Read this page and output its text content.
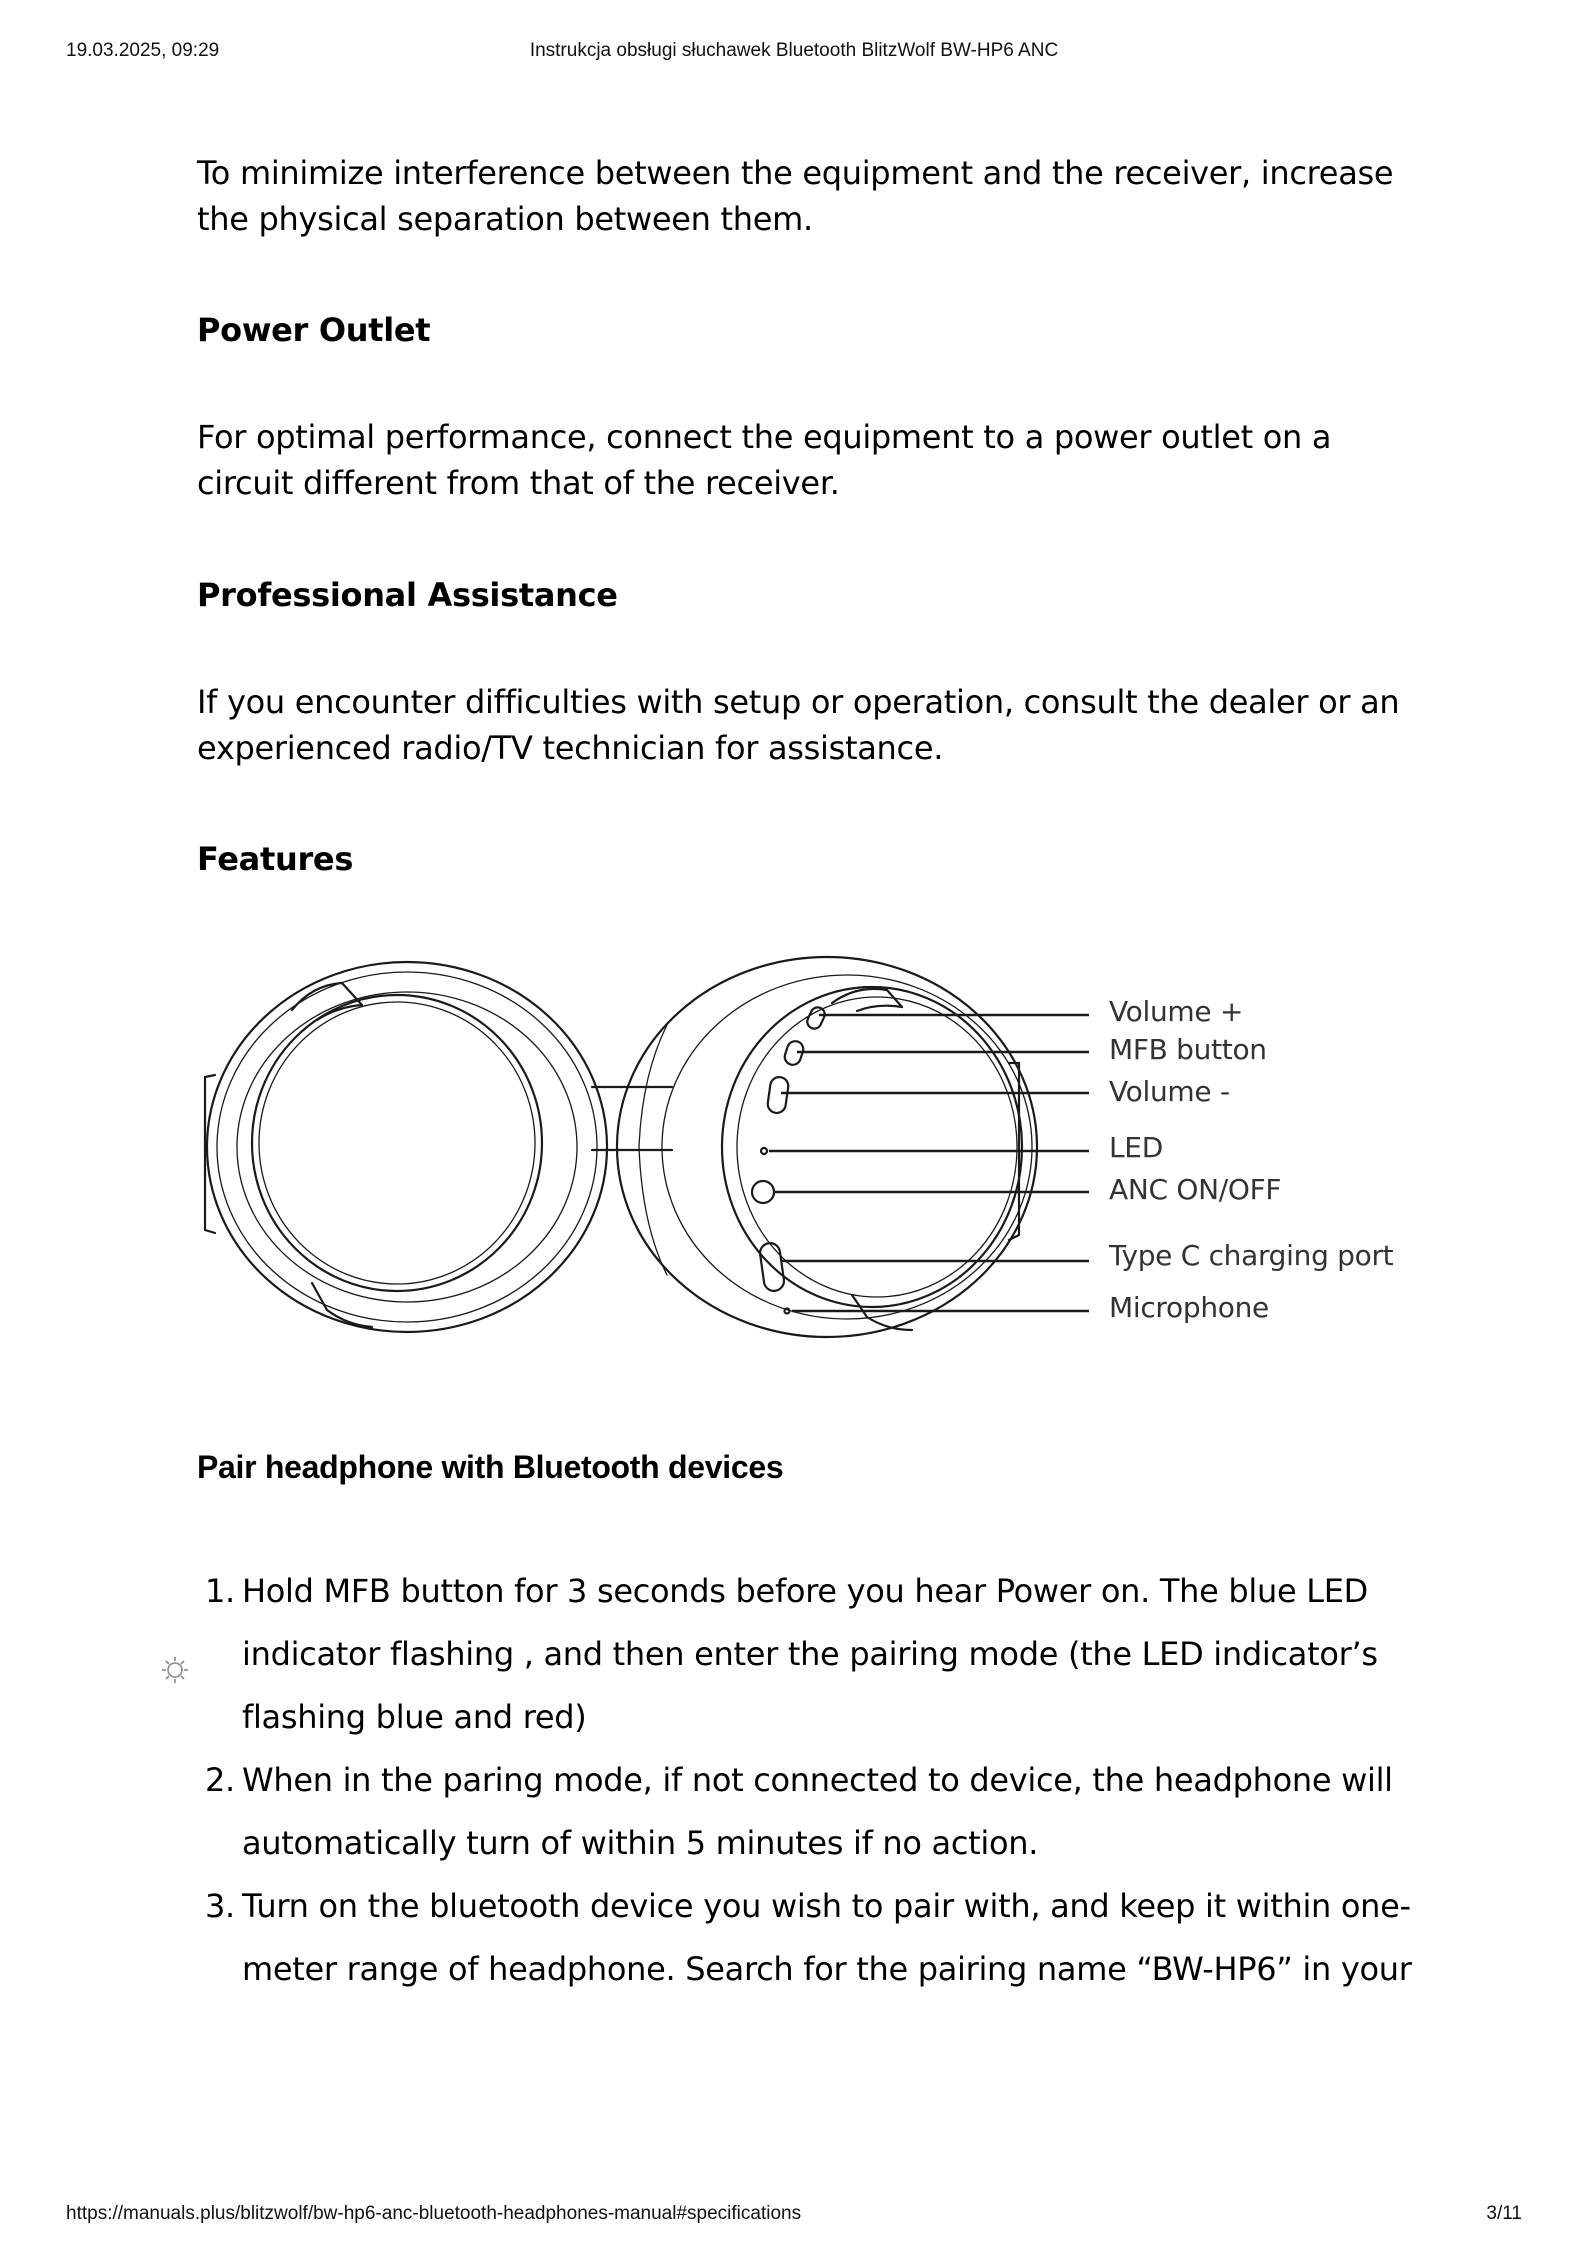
19.03.2025, 09:29	Instrukcja obsługi słuchawek Bluetooth BlitzWolf BW-HP6 ANC

To minimize interference between the equipment and the receiver, increase the physical separation between them.

Power Outlet

For optimal performance, connect the equipment to a power outlet on a circuit different from that of the receiver.

Professional Assistance

If you encounter difficulties with setup or operation, consult the dealer or an experienced radio/TV technician for assistance.

Features
Volume +
MFB button
Volume -
LED
ANC ON/OFF
Type C charging port
Microphone
Pair headphone with Bluetooth devices
1. Hold MFB button for 3 seconds before you hear Power on. The blue LED indicator flashing , and then enter the pairing mode (the LED indicator’s flashing blue and red)
2. When in the paring mode, if not connected to device, the headphone will automatically turn of within 5 minutes if no action.
3. Turn on the bluetooth device you wish to pair with, and keep it within one-meter range of headphone. Search for the pairing name “BW-HP6” in your
https://manuals.plus/blitzwolf/bw-hp6-anc-bluetooth-headphones-manual#specifications	3/11
